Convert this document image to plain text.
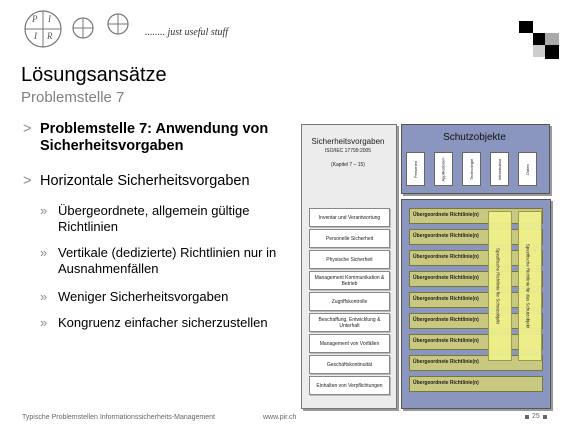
P I
I R	........ just useful stuff
Lösungsansätze
Problemstelle 7
> Problemstelle 7: Anwendung von Sicherheitsvorgaben
> Horizontale Sicherheitsvorgaben
» Übergeordnete, allgemein gültige Richtlinien
» Vertikale (dedizierte) Richtlinien nur in Ausnahmenfällen
» Weniger Sicherheitsvorgaben
» Kongruenz einfacher sicherzustellen
Sicherheitsvorgaben
ISO/IEC 17799:2005
(Kapitel 7 – 15)
Inventar und Verantwortung
Personelle Sicherheit
Physische Sicherheit
Management Kommunikation & Betrieb
Zugriffskontrolle
Beschaffung, Entwicklung & Unterhalt
Management von Vorfällen
Geschäftskontinuität
Einhalten von Verpflichtungen
Schutzobjekte
Personen	Applikationen	Technologie	Infrastruktur	Daten
Übergeordnete Richtlinie(n)
Übergeordnete Richtlinie(n)
Übergeordnete Richtlinie(n)
Übergeordnete Richtlinie(n)
Übergeordnete Richtlinie(n)
Übergeordnete Richtlinie(n)
Übergeordnete Richtlinie(n)
Übergeordnete Richtlinie(n)
Übergeordnete Richtlinie(n)
Spezifische Richtlinie für Schutzobjekt	Spezifische Richtlinie für das Schutzobjekt
Typische Problemstellen Informationssicherheits-Management	www.pir.ch	25
